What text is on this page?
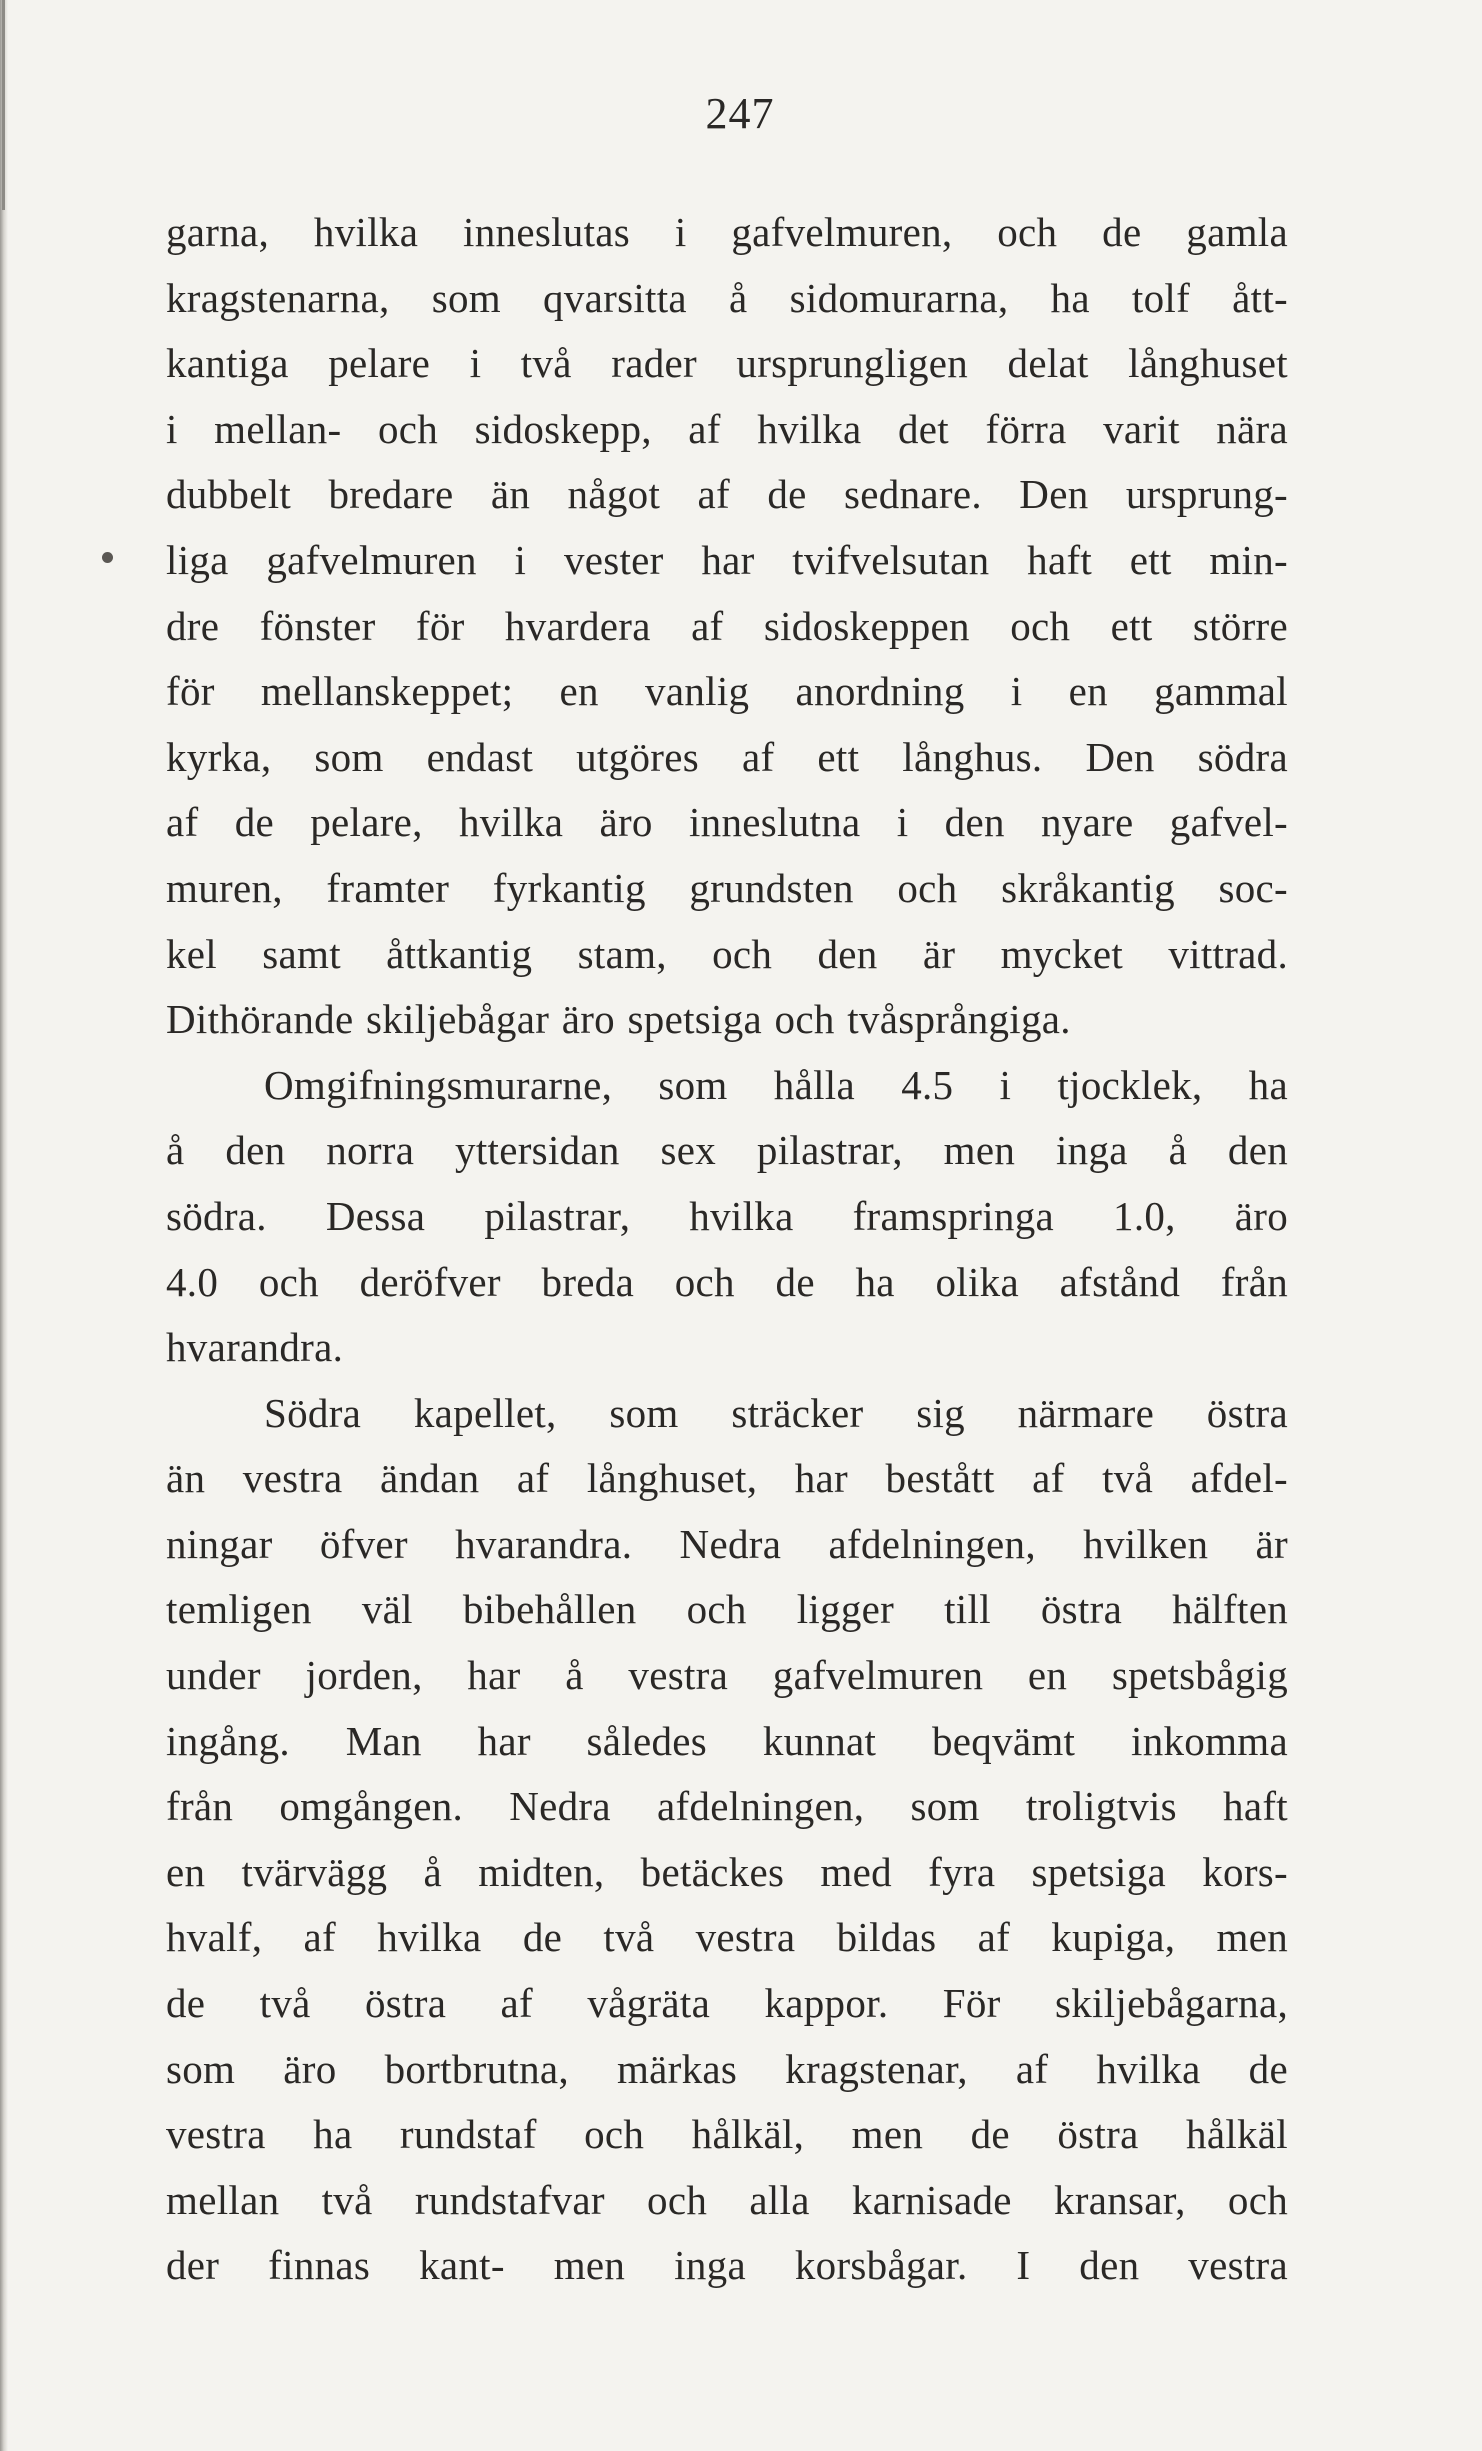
247
garna, hvilka inneslutas i gafvelmuren, och de gamla
kragstenarna, som qvarsitta å sidomurarna, ha tolf ått-
kantiga pelare i två rader ursprungligen delat långhuset
i mellan- och sidoskepp, af hvilka det förra varit nära
dubbelt bredare än något af de sednare. Den ursprung-
liga gafvelmuren i vester har tvifvelsutan haft ett min-
dre fönster för hvardera af sidoskeppen och ett större
för mellanskeppet; en vanlig anordning i en gammal
kyrka, som endast utgöres af ett långhus. Den södra
af de pelare, hvilka äro inneslutna i den nyare gafvel-
muren, framter fyrkantig grundsten och skråkantig soc-
kel samt åttkantig stam, och den är mycket vittrad.
Dithörande skiljebågar äro spetsiga och tvåsprångiga.
Omgifningsmurarne, som hålla 4.5 i tjocklek, ha
å den norra yttersidan sex pilastrar, men inga å den
södra. Dessa pilastrar, hvilka framspringa 1.0, äro
4.0 och deröfver breda och de ha olika afstånd från
hvarandra.
Södra kapellet, som sträcker sig närmare östra
än vestra ändan af långhuset, har bestått af två afdel-
ningar öfver hvarandra. Nedra afdelningen, hvilken är
temligen väl bibehållen och ligger till östra hälften
under jorden, har å vestra gafvelmuren en spetsbågig
ingång. Man har således kunnat beqvämt inkomma
från omgången. Nedra afdelningen, som troligtvis haft
en tvärvägg å midten, betäckes med fyra spetsiga kors-
hvalf, af hvilka de två vestra bildas af kupiga, men
de två östra af vågräta kappor. För skiljebågarna,
som äro bortbrutna, märkas kragstenar, af hvilka de
vestra ha rundstaf och hålkäl, men de östra hålkäl
mellan två rundstafvar och alla karnisade kransar, och
der finnas kant- men inga korsbågar. I den vestra
